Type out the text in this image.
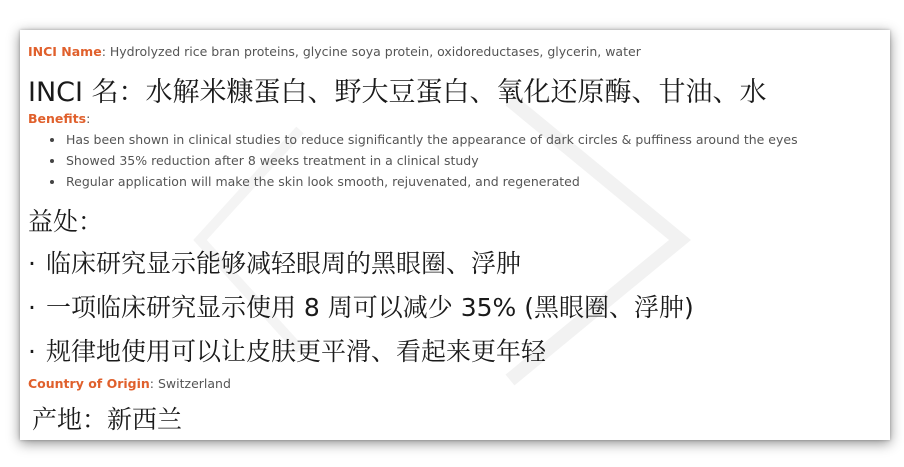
INCI Name: Hydrolyzed rice bran proteins, glycine soya protein, oxidoreductases, glycerin, water
INCI 名：水解米糠蛋白、野大豆蛋白、氧化还原酶、甘油、水
Benefits:
Has been shown in clinical studies to reduce significantly the appearance of dark circles & puffiness around the eyes
Showed 35% reduction after 8 weeks treatment in a clinical study
Regular application will make the skin look smooth, rejuvenated, and regenerated
益处：
· 临床研究显示能够减轻眼周的黑眼圈、浮肿
· 一项临床研究显示使用 8 周可以减少 35% (黑眼圈、浮肿)
· 规律地使用可以让皮肤更平滑、看起来更年轻
Country of Origin: Switzerland
产地：新西兰
